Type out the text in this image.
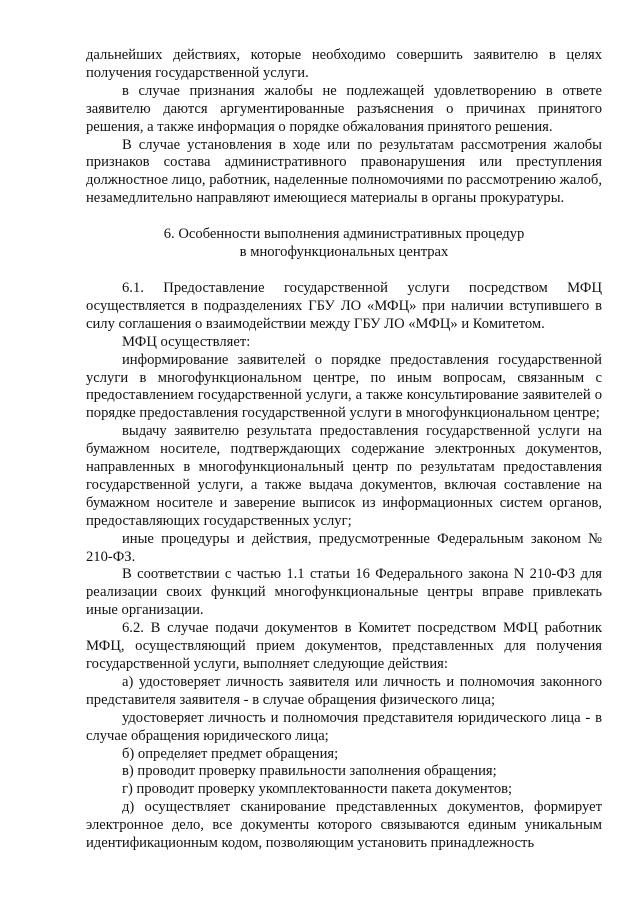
дальнейших действиях, которые необходимо совершить заявителю в целях получения государственной услуги.

в случае признания жалобы не подлежащей удовлетворению в ответе заявителю даются аргументированные разъяснения о причинах принятого решения, а также информация о порядке обжалования принятого решения.

В случае установления в ходе или по результатам рассмотрения жалобы признаков состава административного правонарушения или преступления должностное лицо, работник, наделенные полномочиями по рассмотрению жалоб, незамедлительно направляют имеющиеся материалы в органы прокуратуры.

6. Особенности выполнения административных процедур
в многофункциональных центрах

6.1. Предоставление государственной услуги посредством МФЦ осуществляется в подразделениях ГБУ ЛО «МФЦ» при наличии вступившего в силу соглашения о взаимодействии между ГБУ ЛО «МФЦ» и Комитетом.

МФЦ осуществляет:

информирование заявителей о порядке предоставления государственной услуги в многофункциональном центре, по иным вопросам, связанным с предоставлением государственной услуги, а также консультирование заявителей о порядке предоставления государственной услуги в многофункциональном центре;

выдачу заявителю результата предоставления государственной услуги на бумажном носителе, подтверждающих содержание электронных документов, направленных в многофункциональный центр по результатам предоставления государственной услуги, а также выдача документов, включая составление на бумажном носителе и заверение выписок из информационных систем органов, предоставляющих государственных услуг;

иные процедуры и действия, предусмотренные Федеральным законом № 210-ФЗ.

В соответствии с частью 1.1 статьи 16 Федерального закона N 210-ФЗ для реализации своих функций многофункциональные центры вправе привлекать иные организации.

6.2. В случае подачи документов в Комитет посредством МФЦ работник МФЦ, осуществляющий прием документов, представленных для получения государственной услуги, выполняет следующие действия:

а) удостоверяет личность заявителя или личность и полномочия законного представителя заявителя - в случае обращения физического лица;

удостоверяет личность и полномочия представителя юридического лица - в случае обращения юридического лица;

б) определяет предмет обращения;

в) проводит проверку правильности заполнения обращения;

г) проводит проверку укомплектованности пакета документов;

д) осуществляет сканирование представленных документов, формирует электронное дело, все документы которого связываются единым уникальным идентификационным кодом, позволяющим установить принадлежность
